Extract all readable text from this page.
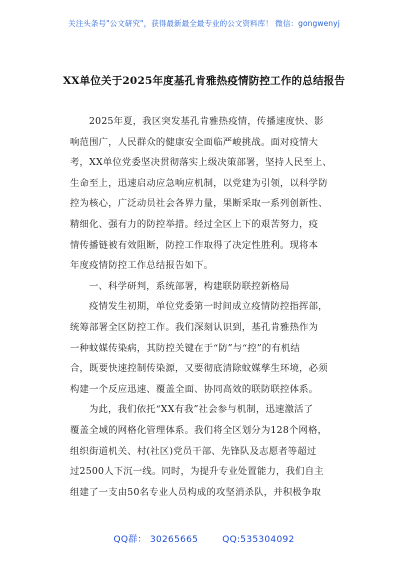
关注头条号"公文研究"，获得最新最全最专业的公文资料库！ 微信：gongwenyj
XX单位关于2025年度基孔肯雅热疫情防控工作的总结报告
2025年夏，我区突发基孔肯雅热疫情，传播速度快、影
响范围广，人民群众的健康安全面临严峻挑战。面对疫情大
考，XX单位党委坚决贯彻落实上级决策部署，坚持人民至上、
生命至上，迅速启动应急响应机制，以党建为引领，以科学防
控为核心，广泛动员社会各界力量，果断采取一系列创新性、
精细化、强有力的防控举措。经过全区上下的艰苦努力，疫
情传播链被有效阻断，防控工作取得了决定性胜利。现将本
年度疫情防控工作总结报告如下。
一、科学研判，系统部署，构建联防联控新格局
疫情发生初期，单位党委第一时间成立疫情防控指挥部，
统筹部署全区防控工作。我们深刻认识到，基孔肯雅热作为
一种蚊媒传染病，其防控关键在于“防”与“控”的有机结
合，既要快速控制传染源，又要彻底清除蚊媒孳生环境，必须
构建一个反应迅速、覆盖全面、协同高效的联防联控体系。
为此，我们依托“XX有我”社会参与机制，迅速激活了
覆盖全域的网格化管理体系。我们将全区划分为128个网格，
组织街道机关、村(社区)党员干部、先锋队及志愿者等超过
过2500人下沉一线。同时，为提升专业处置能力，我们自主
组建了一支由50名专业人员构成的攻坚消杀队，并积极争取
QQ群： 30265665	QQ:535304092
